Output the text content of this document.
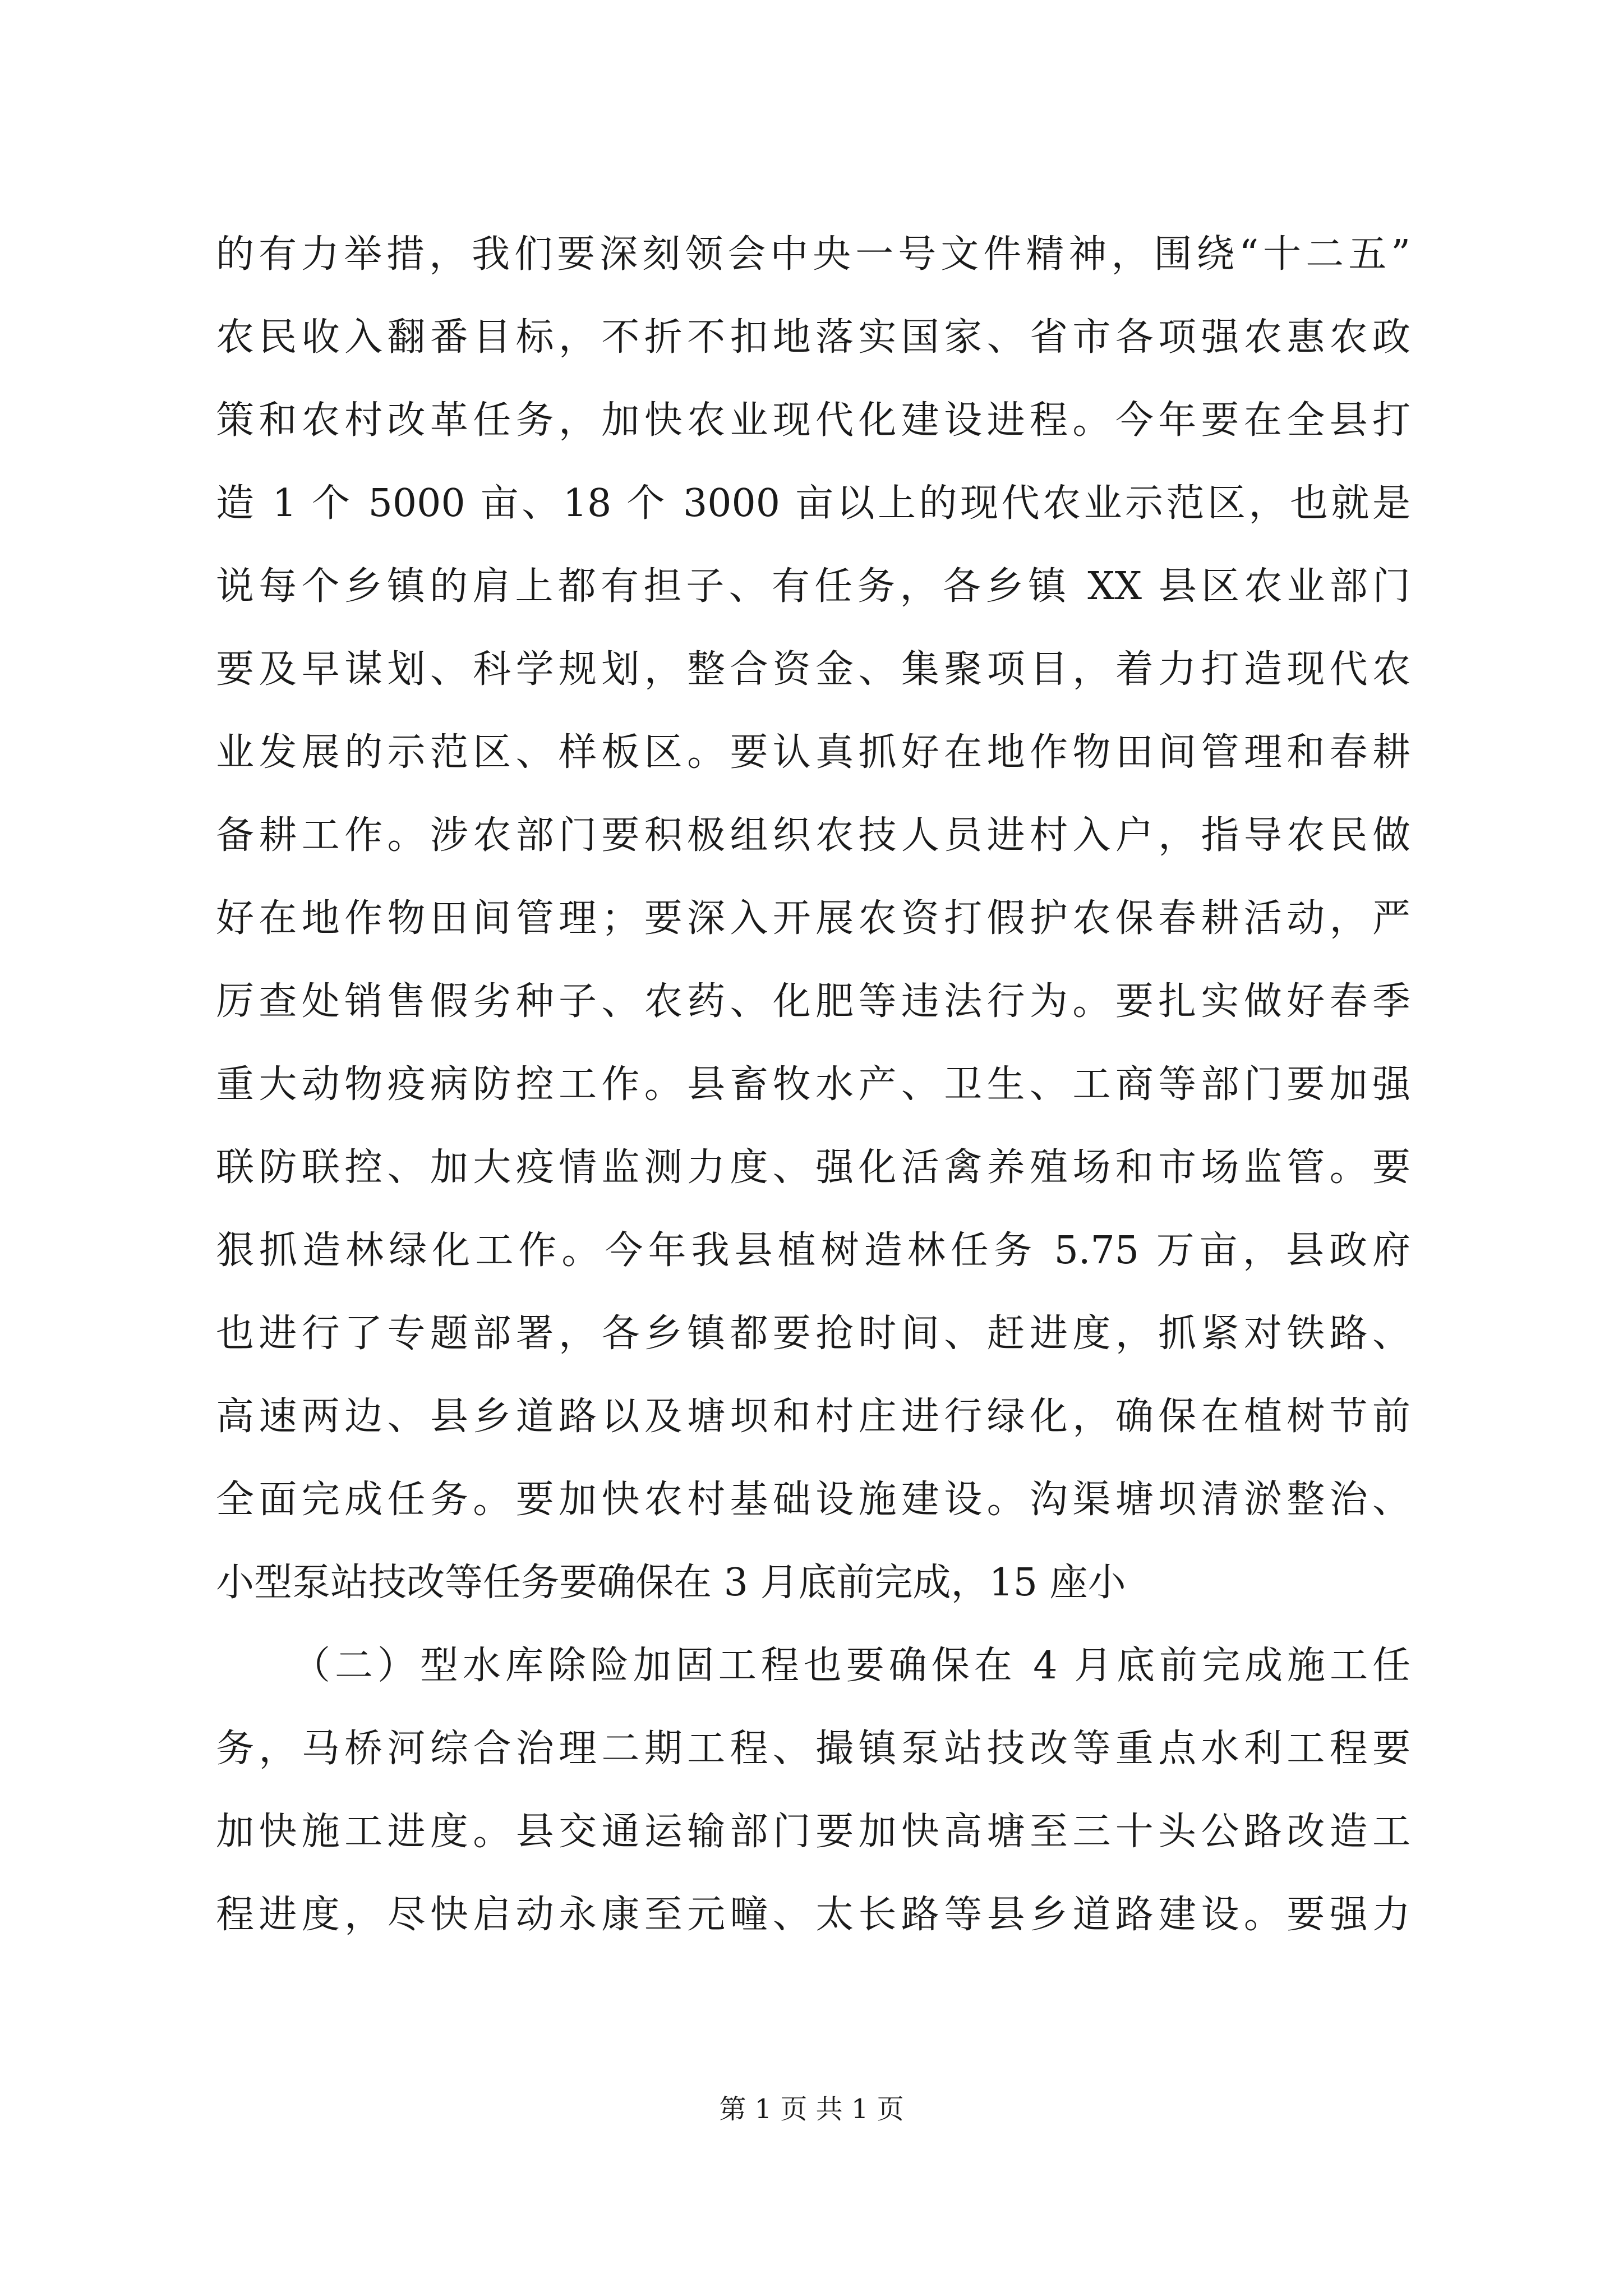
的有力举措，我们要深刻领会中央一号文件精神，围绕“十二五”
农民收入翻番目标，不折不扣地落实国家、省市各项强农惠农政
策和农村改革任务，加快农业现代化建设进程。今年要在全县打
造 1 个 5000 亩、18 个 3000 亩以上的现代农业示范区，也就是
说每个乡镇的肩上都有担子、有任务，各乡镇 XX 县区农业部门
要及早谋划、科学规划，整合资金、集聚项目，着力打造现代农
业发展的示范区、样板区。要认真抓好在地作物田间管理和春耕
备耕工作。涉农部门要积极组织农技人员进村入户，指导农民做
好在地作物田间管理；要深入开展农资打假护农保春耕活动，严
厉查处销售假劣种子、农药、化肥等违法行为。要扎实做好春季
重大动物疫病防控工作。县畜牧水产、卫生、工商等部门要加强
联防联控、加大疫情监测力度、强化活禽养殖场和市场监管。要
狠抓造林绿化工作。今年我县植树造林任务 5.75 万亩，县政府
也进行了专题部署，各乡镇都要抢时间、赶进度，抓紧对铁路、
高速两边、县乡道路以及塘坝和村庄进行绿化，确保在植树节前
全面完成任务。要加快农村基础设施建设。沟渠塘坝清淤整治、
小型泵站技改等任务要确保在 3 月底前完成，15 座小
（二）型水库除险加固工程也要确保在 4 月底前完成施工任
务，马桥河综合治理二期工程、撮镇泵站技改等重点水利工程要
加快施工进度。县交通运输部门要加快高塘至三十头公路改造工
程进度，尽快启动永康至元疃、太长路等县乡道路建设。要强力
第 1 页 共 1 页
